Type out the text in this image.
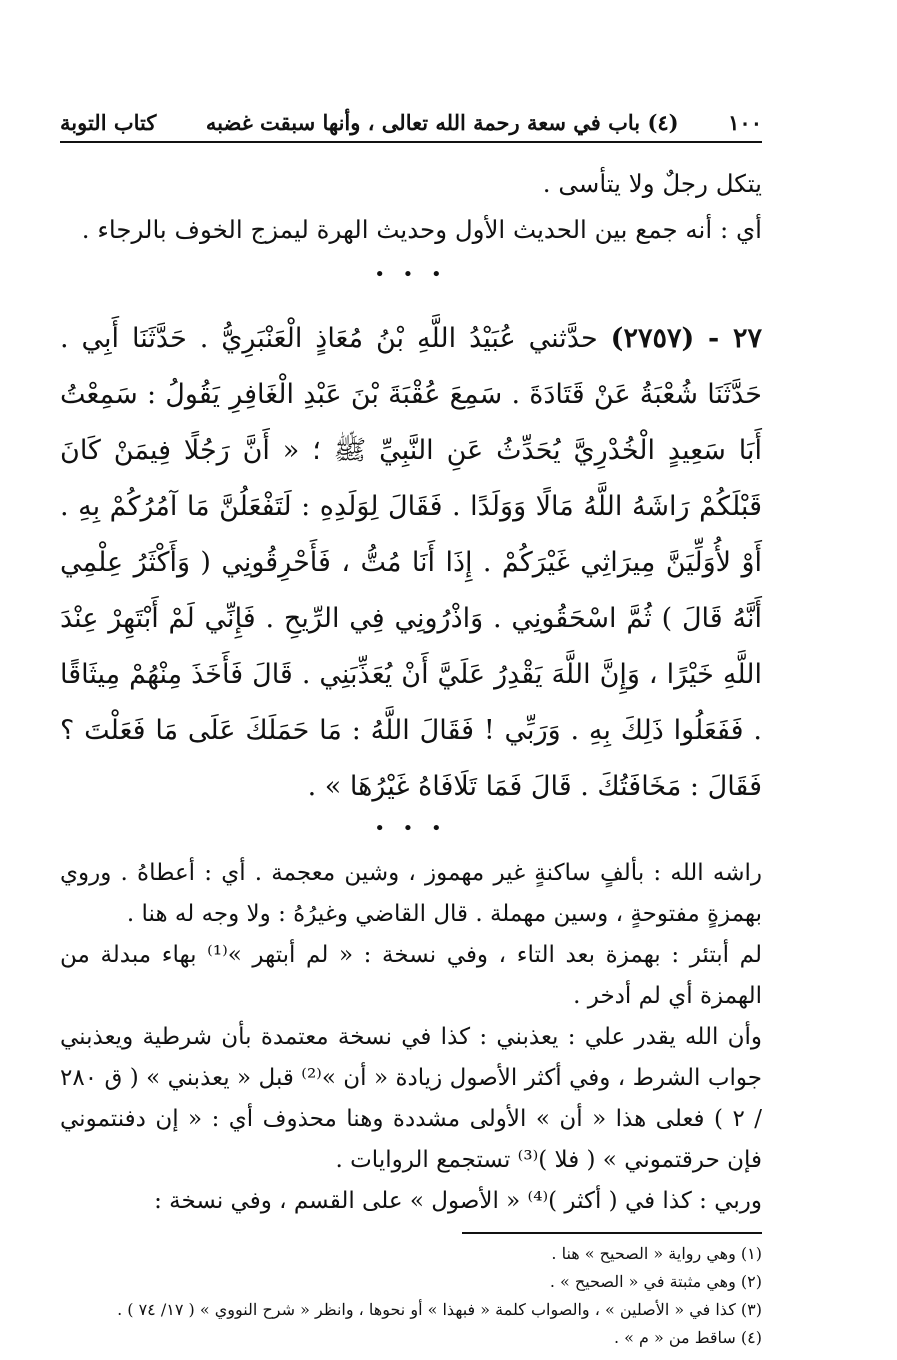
١٠٠
(٤) باب في سعة رحمة الله تعالى ، وأنها سبقت غضبه
كتاب التوبة

يتكل رجلٌ ولا يتأسى .

أي : أنه جمع بين الحديث الأول وحديث الهرة ليمزج الخوف بالرجاء .

• • •
٢٧ - (٢٧٥٧) حدَّثني عُبَيْدُ اللَّهِ بْنُ مُعَاذٍ الْعَنْبَرِيُّ . حَدَّثَنَا أَبِي . حَدَّثَنَا شُعْبَةُ عَنْ قَتَادَةَ . سَمِعَ عُقْبَةَ بْنَ عَبْدِ الْغَافِرِ يَقُولُ : سَمِعْتُ أَبَا سَعِيدٍ الْخُدْرِيَّ يُحَدِّثُ عَنِ النَّبِيِّ ﷺ ؛ « أَنَّ رَجُلًا فِيمَنْ كَانَ قَبْلَكُمْ رَاشَهُ اللَّهُ مَالًا وَوَلَدًا . فَقَالَ لِوَلَدِهِ : لَتَفْعَلُنَّ مَا آمُرُكُمْ بِهِ . أَوْ لأُوَلِّيَنَّ مِيرَاثِي غَيْرَكُمْ . إِذَا أَنَا مُتُّ ، فَأَحْرِقُونِي ( وَأَكْثَرُ عِلْمِي أَنَّهُ قَالَ ) ثُمَّ اسْحَقُونِي . وَاذْرُونِي فِي الرِّيحِ . فَإِنِّي لَمْ أَبْتَهِرْ عِنْدَ اللَّهِ خَيْرًا ، وَإِنَّ اللَّهَ يَقْدِرُ عَلَيَّ أَنْ يُعَذِّبَنِي . قَالَ فَأَخَذَ مِنْهُمْ مِيثَاقًا . فَفَعَلُوا ذَلِكَ بِهِ . وَرَبِّي ! فَقَالَ اللَّهُ : مَا حَمَلَكَ عَلَى مَا فَعَلْتَ ؟ فَقَالَ : مَخَافَتُكَ . قَالَ فَمَا تَلَافَاهُ غَيْرُهَا » .
• • •

راشه الله : بألفٍ ساكنةٍ غير مهموز ، وشين معجمة . أي : أعطاهُ . وروي بهمزةٍ مفتوحةٍ ، وسين مهملة . قال القاضي وغيرُهُ : ولا وجه له هنا .

لم أبتئر : بهمزة بعد التاء ، وفي نسخة : « لم أبتهر »⁽¹⁾ بهاء مبدلة من الهمزة أي لم أدخر .

وأن الله يقدر علي : يعذبني : كذا في نسخة معتمدة بأن شرطية ويعذبني جواب الشرط ، وفي أكثر الأصول زيادة « أن »⁽²⁾ قبل « يعذبني » ( ق ٢٨٠ / ٢ ) فعلى هذا « أن » الأولى مشددة وهنا محذوف أي : « إن دفنتموني فإن حرقتموني » ( فلا )⁽³⁾ تستجمع الروايات .

وربي : كذا في ( أكثر )⁽⁴⁾ « الأصول » على القسم ، وفي نسخة :

(١) وهي رواية « الصحيح » هنا .

(٢) وهي مثبتة في « الصحيح » .

(٣) كذا في « الأصلين » ، والصواب كلمة « فبهذا » أو نحوها ، وانظر « شرح النووي » ( ١٧/ ٧٤ ) .

(٤) ساقط من « م » .
